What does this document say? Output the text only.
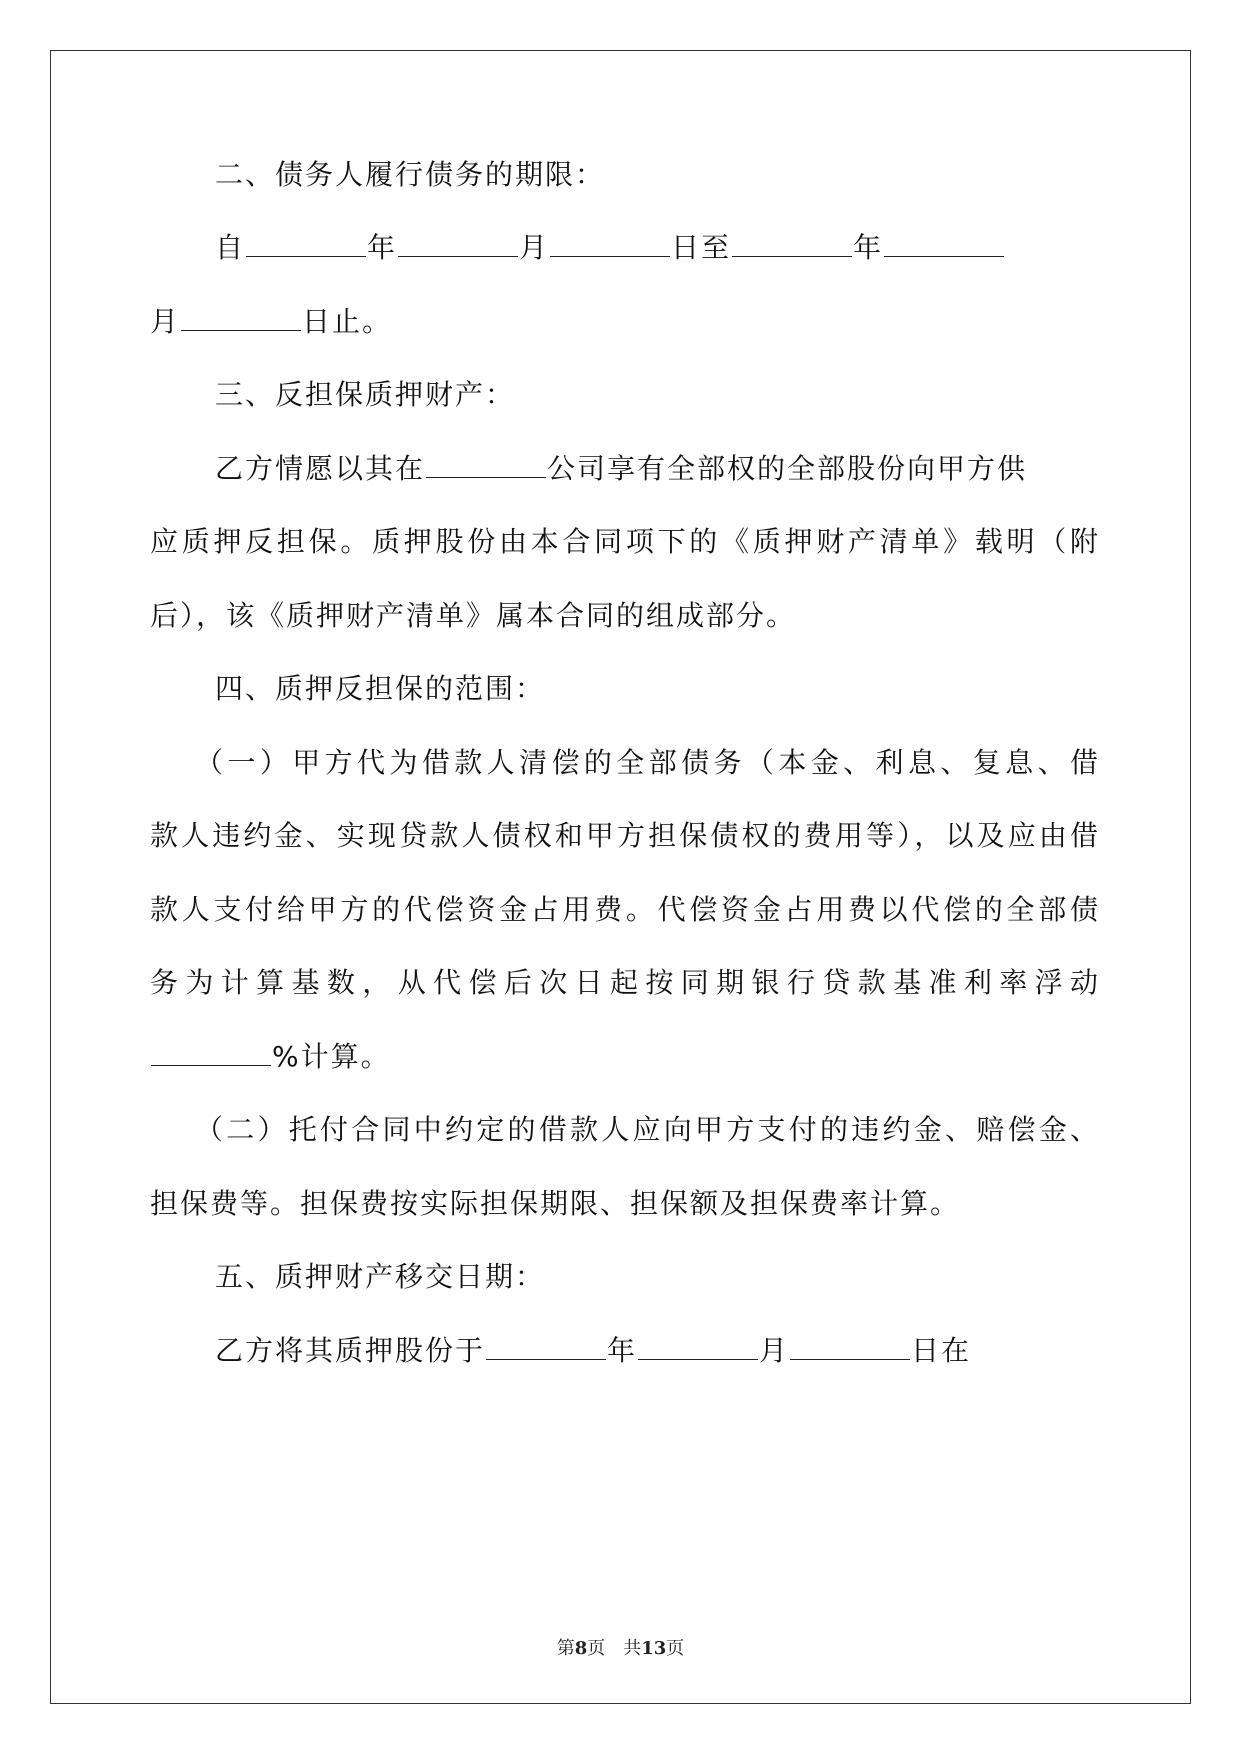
二、债务人履行债务的期限：
自	年	月	日至	年
月	日止。
三、反担保质押财产：
乙方情愿以其在	公司享有全部权的全部股份向甲方供
应质押反担保。质押股份由本合同项下的《质押财产清单》载明（附
后），该《质押财产清单》属本合同的组成部分。
四、质押反担保的范围：
（一）甲方代为借款人清偿的全部债务（本金、利息、复息、借
款人违约金、实现贷款人债权和甲方担保债权的费用等），以及应由借
款人支付给甲方的代偿资金占用费。代偿资金占用费以代偿的全部债
务为计算基数，从代偿后次日起按同期银行贷款基准利率浮动
%计算。
（二）托付合同中约定的借款人应向甲方支付的违约金、赔偿金、
担保费等。担保费按实际担保期限、担保额及担保费率计算。
五、质押财产移交日期：
乙方将其质押股份于	年	月	日在
第8页　共13页
